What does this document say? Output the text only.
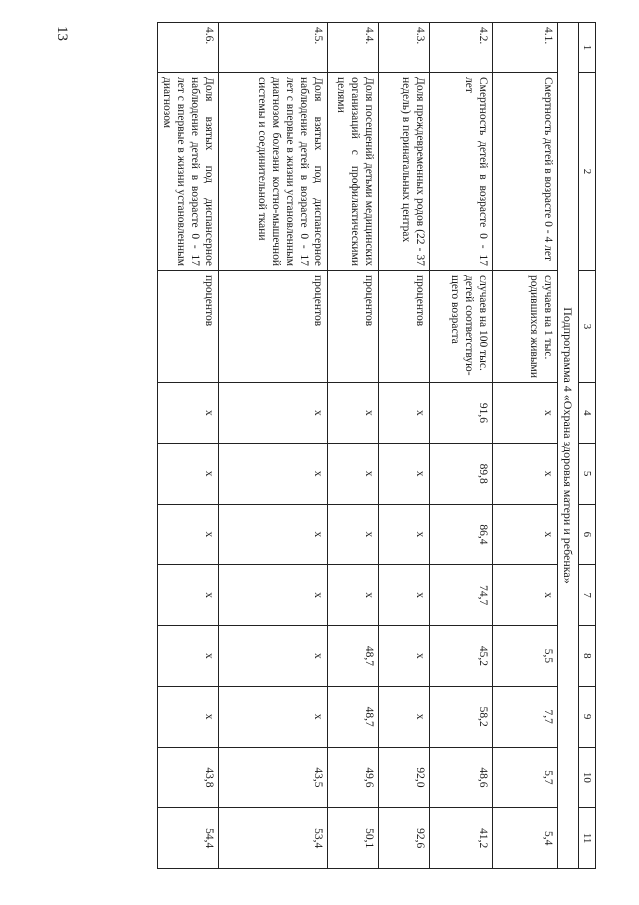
13
1	2	3	4	5	6	7	8	9	10	11
Подпрограмма 4 «Охрана здоровья матери и ребенка»										
4.1.	Смертность детей в возрасте 0 - 4 лет	случаев на 1 тыс. родившихся живыми	х	х	х	х	5,5	7,7	5,7	5,4
4.2.	Смертность детей в возрасте 0 - 17 лет	случаев на 100 тыс. детей соответствую-щего возраста	91,6	89,8	86,4	74,7	45,2	58,2	48,6	41,2
4.3.	Доля преждевременных родов (22 - 37 недель) в перинатальных центрах	процентов	х	х	х	х	х	х	92,0	92,6
4.4.	Доля посещений детьми медицинских организаций с профилактическими целями	процентов	х	х	х	х	48,7	48,7	49,6	50,1
4.5.	Доля взятых под диспансерное наблюдение детей в возрасте 0 - 17 лет с впервые в жизни установленным диагнозом болезни костно-мышечной системы и соединительной ткани	процентов	х	х	х	х	х	х	43,5	53,4
4.6.	Доля взятых под диспансерное наблюдение детей в возрасте 0 - 17 лет с впервые в жизни установленным диагнозом	процентов	х	х	х	х	х	х	43,8	54,4
